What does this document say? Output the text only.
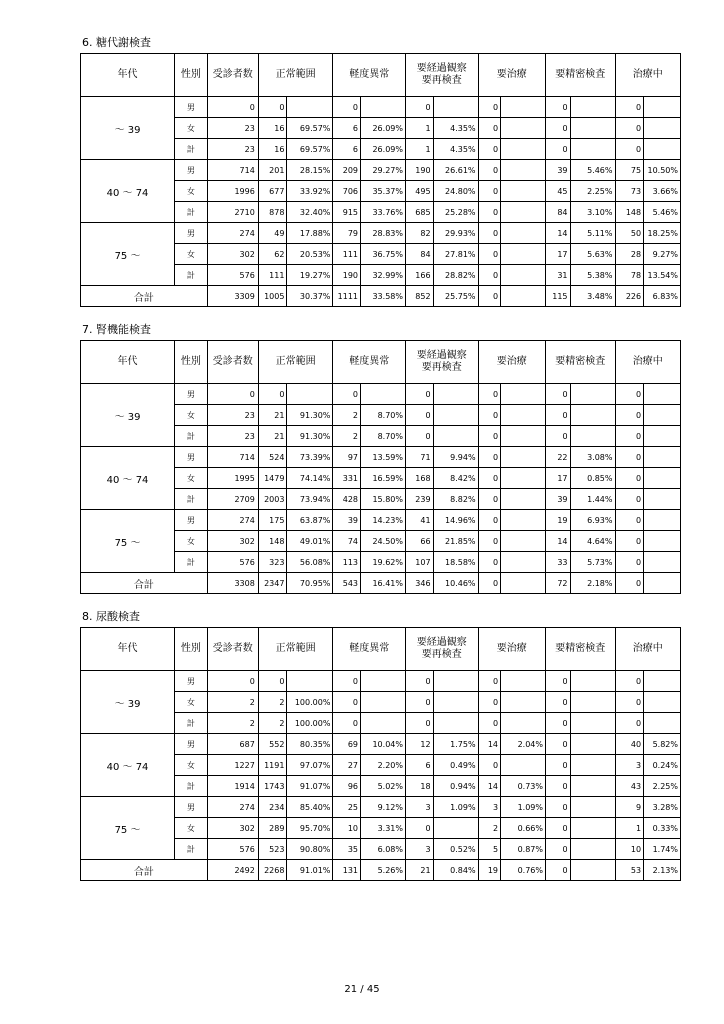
6. 糖代謝検査
7. 腎機能検査
8. 尿酸検査
年代	性別	受診者数	正常範囲		軽度異常		要経過観察
要再検査		要治療		要精密検査		治療中	
～ 39	男	0	0		0		0		0		0		0	
	女	23	16	69.57%	6	26.09%	1	4.35%	0		0		0	
	計	23	16	69.57%	6	26.09%	1	4.35%	0		0		0	
40 ～ 74	男	714	201	28.15%	209	29.27%	190	26.61%	0		39	5.46%	75	10.50%
	女	1996	677	33.92%	706	35.37%	495	24.80%	0		45	2.25%	73	3.66%
	計	2710	878	32.40%	915	33.76%	685	25.28%	0		84	3.10%	148	5.46%
75 ～	男	274	49	17.88%	79	28.83%	82	29.93%	0		14	5.11%	50	18.25%
	女	302	62	20.53%	111	36.75%	84	27.81%	0		17	5.63%	28	9.27%
	計	576	111	19.27%	190	32.99%	166	28.82%	0		31	5.38%	78	13.54%
合計		3309	1005	30.37%	1111	33.58%	852	25.75%	0		115	3.48%	226	6.83%
年代	性別	受診者数	正常範囲		軽度異常		要経過観察
要再検査		要治療		要精密検査		治療中	
～ 39	男	0	0		0		0		0		0		0	
	女	23	21	91.30%	2	8.70%	0		0		0		0	
	計	23	21	91.30%	2	8.70%	0		0		0		0	
40 ～ 74	男	714	524	73.39%	97	13.59%	71	9.94%	0		22	3.08%	0	
	女	1995	1479	74.14%	331	16.59%	168	8.42%	0		17	0.85%	0	
	計	2709	2003	73.94%	428	15.80%	239	8.82%	0		39	1.44%	0	
75 ～	男	274	175	63.87%	39	14.23%	41	14.96%	0		19	6.93%	0	
	女	302	148	49.01%	74	24.50%	66	21.85%	0		14	4.64%	0	
	計	576	323	56.08%	113	19.62%	107	18.58%	0		33	5.73%	0	
合計		3308	2347	70.95%	543	16.41%	346	10.46%	0		72	2.18%	0	
年代	性別	受診者数	正常範囲		軽度異常		要経過観察
要再検査		要治療		要精密検査		治療中	
～ 39	男	0	0		0		0		0		0		0	
	女	2	2	100.00%	0		0		0		0		0	
	計	2	2	100.00%	0		0		0		0		0	
40 ～ 74	男	687	552	80.35%	69	10.04%	12	1.75%	14	2.04%	0		40	5.82%
	女	1227	1191	97.07%	27	2.20%	6	0.49%	0		0		3	0.24%
	計	1914	1743	91.07%	96	5.02%	18	0.94%	14	0.73%	0		43	2.25%
75 ～	男	274	234	85.40%	25	9.12%	3	1.09%	3	1.09%	0		9	3.28%
	女	302	289	95.70%	10	3.31%	0		2	0.66%	0		1	0.33%
	計	576	523	90.80%	35	6.08%	3	0.52%	5	0.87%	0		10	1.74%
合計		2492	2268	91.01%	131	5.26%	21	0.84%	19	0.76%	0		53	2.13%
21 / 45
